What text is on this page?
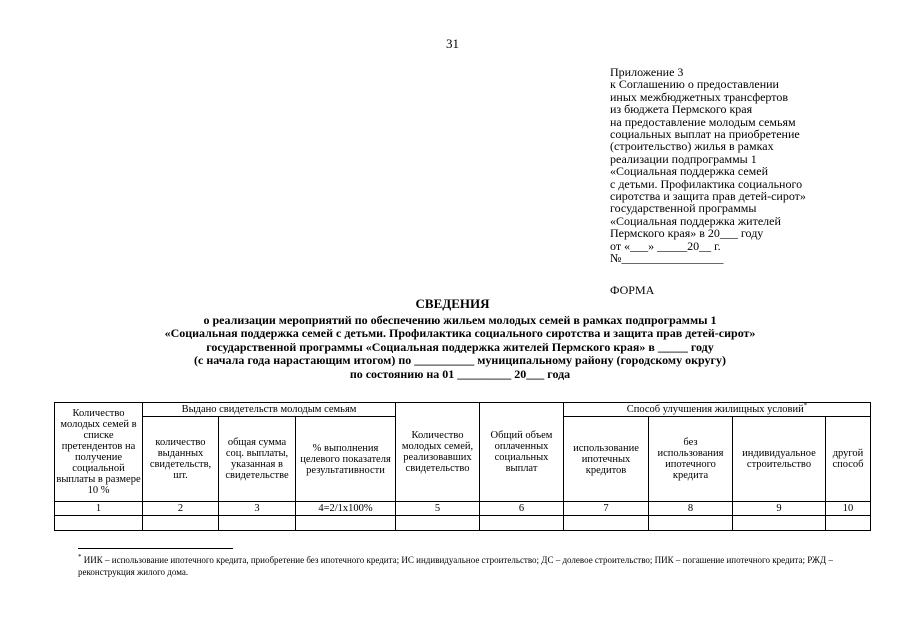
31
Приложение 3
к Соглашению о предоставлении
иных межбюджетных трансфертов
из бюджета Пермского края
на предоставление молодым семьям
социальных выплат на приобретение
(строительство) жилья в рамках
реализации подпрограммы 1
«Социальная поддержка семей
с детьми. Профилактика социального
сиротства и защита прав детей-сирот»
государственной программы
«Социальная поддержка жителей
Пермского края» в 20___ году
от «___» _____20__ г.
№_________________
ФОРМА
СВЕДЕНИЯ
о реализации мероприятий по обеспечению жильем молодых семей в рамках подпрограммы 1
«Социальная поддержка семей с детьми. Профилактика социального сиротства и защита прав детей-сирот»
государственной программы «Социальная поддержка жителей Пермского края» в _____ году
(с начала года нарастающим итогом) по __________ муниципальному району (городскому округу)
по состоянию на 01 _________ 20___ года
Количество молодых семей в списке претендентов на получение социальной выплаты в размере 10 %	Выдано свидетельств молодым семьям			Количество молодых семей, реализовавших свидетельство	Общий объем оплаченных социальных выплат	Способ улучшения жилищных условий*
	количество выданных свидетельств, шт.	общая сумма соц. выплаты, указанная в свидетельстве	% выполнения целевого показателя результативности			использование ипотечных кредитов	без использования ипотечного кредита	индивидуальное строительство	другой способ
1	2	3	4=2/1х100%	5	6	7	8	9	10

* ИИК – использование ипотечного кредита, приобретение без ипотечного кредита; ИС индивидуальное строительство; ДС – долевое строительство; ПИК – погашение ипотечного кредита; РЖД – реконструкция жилого дома.
